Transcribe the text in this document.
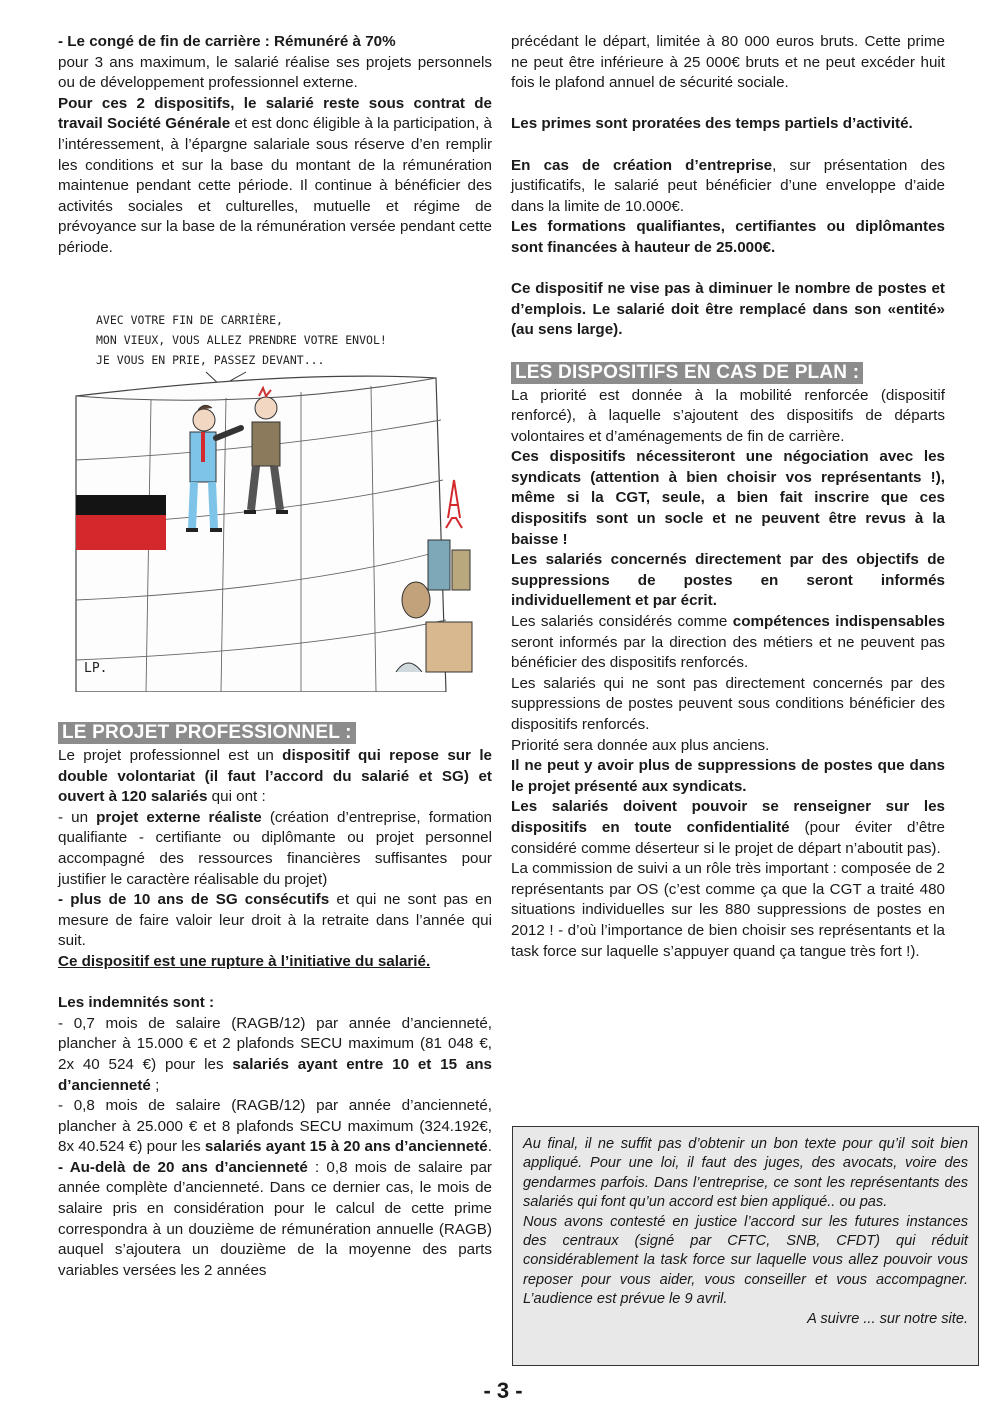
- Le congé de fin de carrière : Rémunéré à 70%
pour 3 ans maximum, le salarié réalise ses projets personnels ou de développement professionnel externe.

Pour ces 2 dispositifs, le salarié reste sous contrat de travail Société Générale et est donc éligible à la participation, à l’intéressement, à l’épargne salariale sous réserve d’en remplir les conditions et sur la base du montant de la rémunération maintenue pendant cette période. Il continue à bénéficier des activités sociales et culturelles, mutuelle et régime de prévoyance sur la base de la rémunération versée pendant cette période.

AVEC VOTRE FIN DE CARRIÈRE,
MON VIEUX, VOUS ALLEZ PRENDRE VOTRE ENVOL!
JE VOUS EN PRIE, PASSEZ DEVANT...
LP.
LE PROJET PROFESSIONNEL :

Le projet professionnel est un dispositif qui repose sur le double volontariat (il faut l’accord du salarié et SG) et ouvert à 120 salariés qui ont :

- un projet externe réaliste (création d’entreprise, formation qualifiante - certifiante ou diplômante ou projet personnel accompagné des ressources financières suffisantes pour justifier le caractère réalisable du projet)

- plus de 10 ans de SG consécutifs et qui ne sont pas en mesure de faire valoir leur droit à la retraite dans l’année qui suit.

Ce dispositif est une rupture à l’initiative du salarié.

Les indemnités sont :

- 0,7 mois de salaire (RAGB/12) par année d’ancienneté, plancher à 15.000 € et 2 plafonds SECU maximum (81 048 €, 2x 40 524 €) pour les salariés ayant entre 10 et 15 ans d’ancienneté ;

- 0,8 mois de salaire (RAGB/12) par année d’ancienneté, plancher à 25.000 € et 8 plafonds SECU maximum (324.192€, 8x 40.524 €) pour les salariés ayant 15 à 20 ans d’ancienneté.

- Au-delà de 20 ans d’ancienneté : 0,8 mois de salaire par année complète d’ancienneté. Dans ce dernier cas, le mois de salaire pris en considération pour le calcul de cette prime correspondra à un douzième de rémunération annuelle (RAGB) auquel s’ajoutera un douzième de la moyenne des parts variables versées les 2 années

précédant le départ, limitée à 80 000 euros bruts. Cette prime ne peut être inférieure à 25 000€ bruts et ne peut excéder huit fois le plafond annuel de sécurité sociale.

Les primes sont proratées des temps partiels d’activité.

En cas de création d’entreprise, sur présentation des justificatifs, le salarié peut bénéficier d’une enveloppe d’aide dans la limite de 10.000€.

Les formations qualifiantes, certifiantes ou diplômantes sont financées à hauteur de 25.000€.

Ce dispositif ne vise pas à diminuer le nombre de postes et d’emplois. Le salarié doit être remplacé dans son «entité» (au sens large).

LES DISPOSITIFS EN CAS DE PLAN :

La priorité est donnée à la mobilité renforcée (dispositif renforcé), à laquelle s’ajoutent des dispositifs de départs volontaires et d’aménagements de fin de carrière.

Ces dispositifs nécessiteront une négociation avec les syndicats (attention à bien choisir vos représentants !), même si la CGT, seule, a bien fait inscrire que ces dispositifs sont un socle et ne peuvent être revus à la baisse !

Les salariés concernés directement par des objectifs de suppressions de postes en seront informés individuellement et par écrit.

Les salariés considérés comme compétences indispensables seront informés par la direction des métiers et ne peuvent pas bénéficier des dispositifs renforcés.

Les salariés qui ne sont pas directement concernés par des suppressions de postes peuvent sous conditions bénéficier des dispositifs renforcés.

Priorité sera donnée aux plus anciens.

Il ne peut y avoir plus de suppressions de postes que dans le projet présenté aux syndicats.

Les salariés doivent pouvoir se renseigner sur les dispositifs en toute confidentialité (pour éviter d’être considéré comme déserteur si le projet de départ n’aboutit pas).

La commission de suivi a un rôle très important : composée de 2 représentants par OS (c’est comme ça que la CGT a traité 480 situations individuelles sur les 880 suppressions de postes en 2012 ! - d’où l’importance de bien choisir ses représentants et la task force sur laquelle s’appuyer quand ça tangue très fort !).

Au final, il ne suffit pas d’obtenir un bon texte pour qu’il soit bien appliqué. Pour une loi, il faut des juges, des avocats, voire des gendarmes parfois. Dans l’entreprise, ce sont les représentants des salariés qui font qu’un accord est bien appliqué.. ou pas.

Nous avons contesté en justice l’accord sur les futures instances des centraux (signé par CFTC, SNB, CFDT) qui réduit considérablement la task force sur laquelle vous allez pouvoir vous reposer pour vous aider, vous conseiller et vous accompagner. L’audience est prévue le 9 avril.

A suivre ... sur notre site.

- 3 -
